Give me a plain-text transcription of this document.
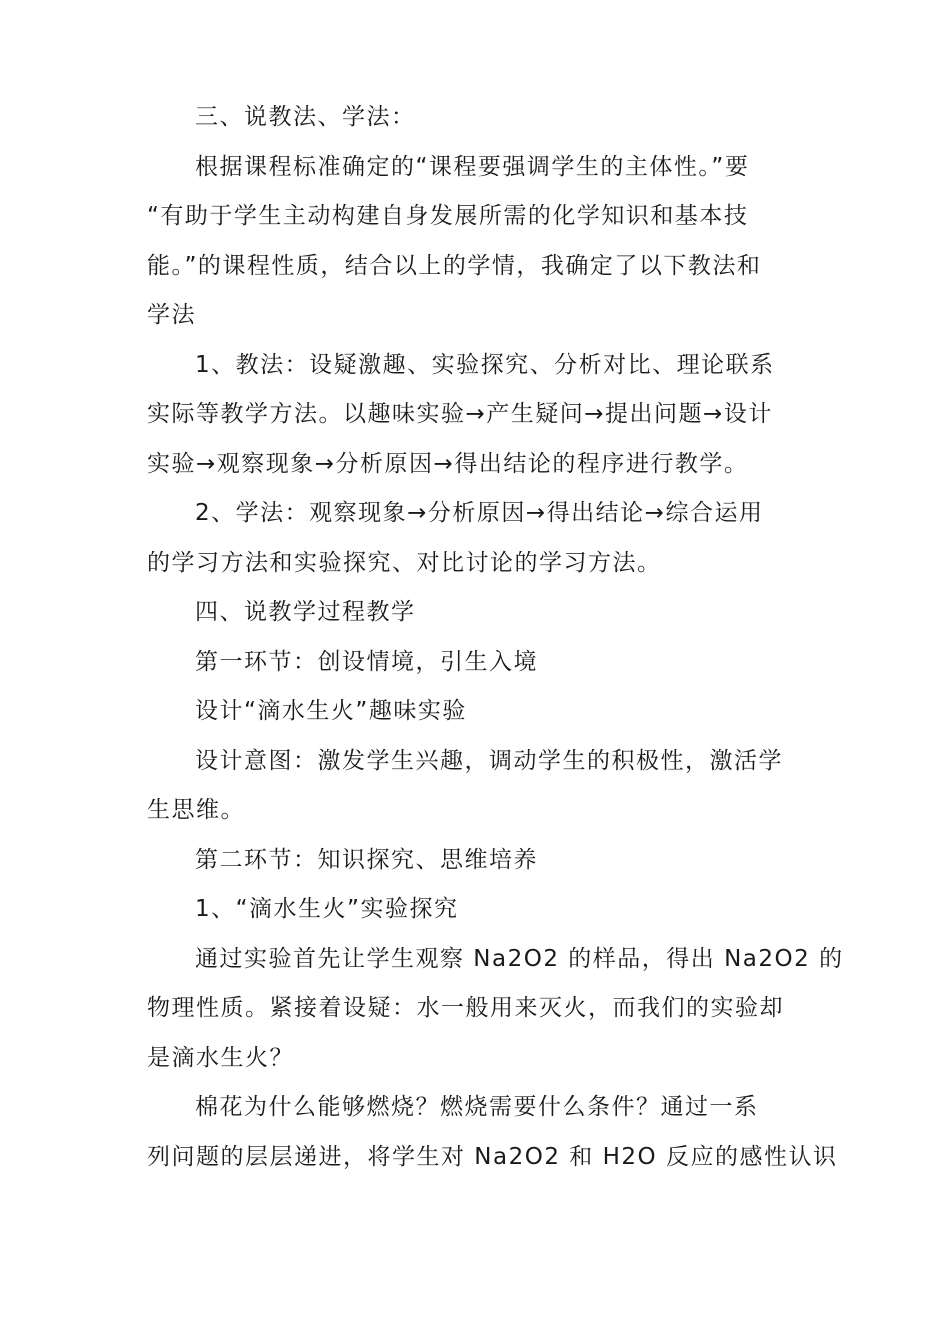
三、说教法、学法：

根据课程标准确定的“课程要强调学生的主体性。”要

“有助于学生主动构建自身发展所需的化学知识和基本技

能。”的课程性质，结合以上的学情，我确定了以下教法和

学法

1、教法：设疑激趣、实验探究、分析对比、理论联系

实际等教学方法。以趣味实验→产生疑问→提出问题→设计

实验→观察现象→分析原因→得出结论的程序进行教学。

2、学法：观察现象→分析原因→得出结论→综合运用

的学习方法和实验探究、对比讨论的学习方法。

四、说教学过程教学

第一环节：创设情境，引生入境

设计“滴水生火”趣味实验

设计意图：激发学生兴趣，调动学生的积极性，激活学

生思维。

第二环节：知识探究、思维培养

1、“滴水生火”实验探究

通过实验首先让学生观察 Na2O2 的样品，得出 Na2O2 的

物理性质。紧接着设疑：水一般用来灭火，而我们的实验却

是滴水生火？

棉花为什么能够燃烧？燃烧需要什么条件？通过一系

列问题的层层递进，将学生对 Na2O2 和 H2O 反应的感性认识
